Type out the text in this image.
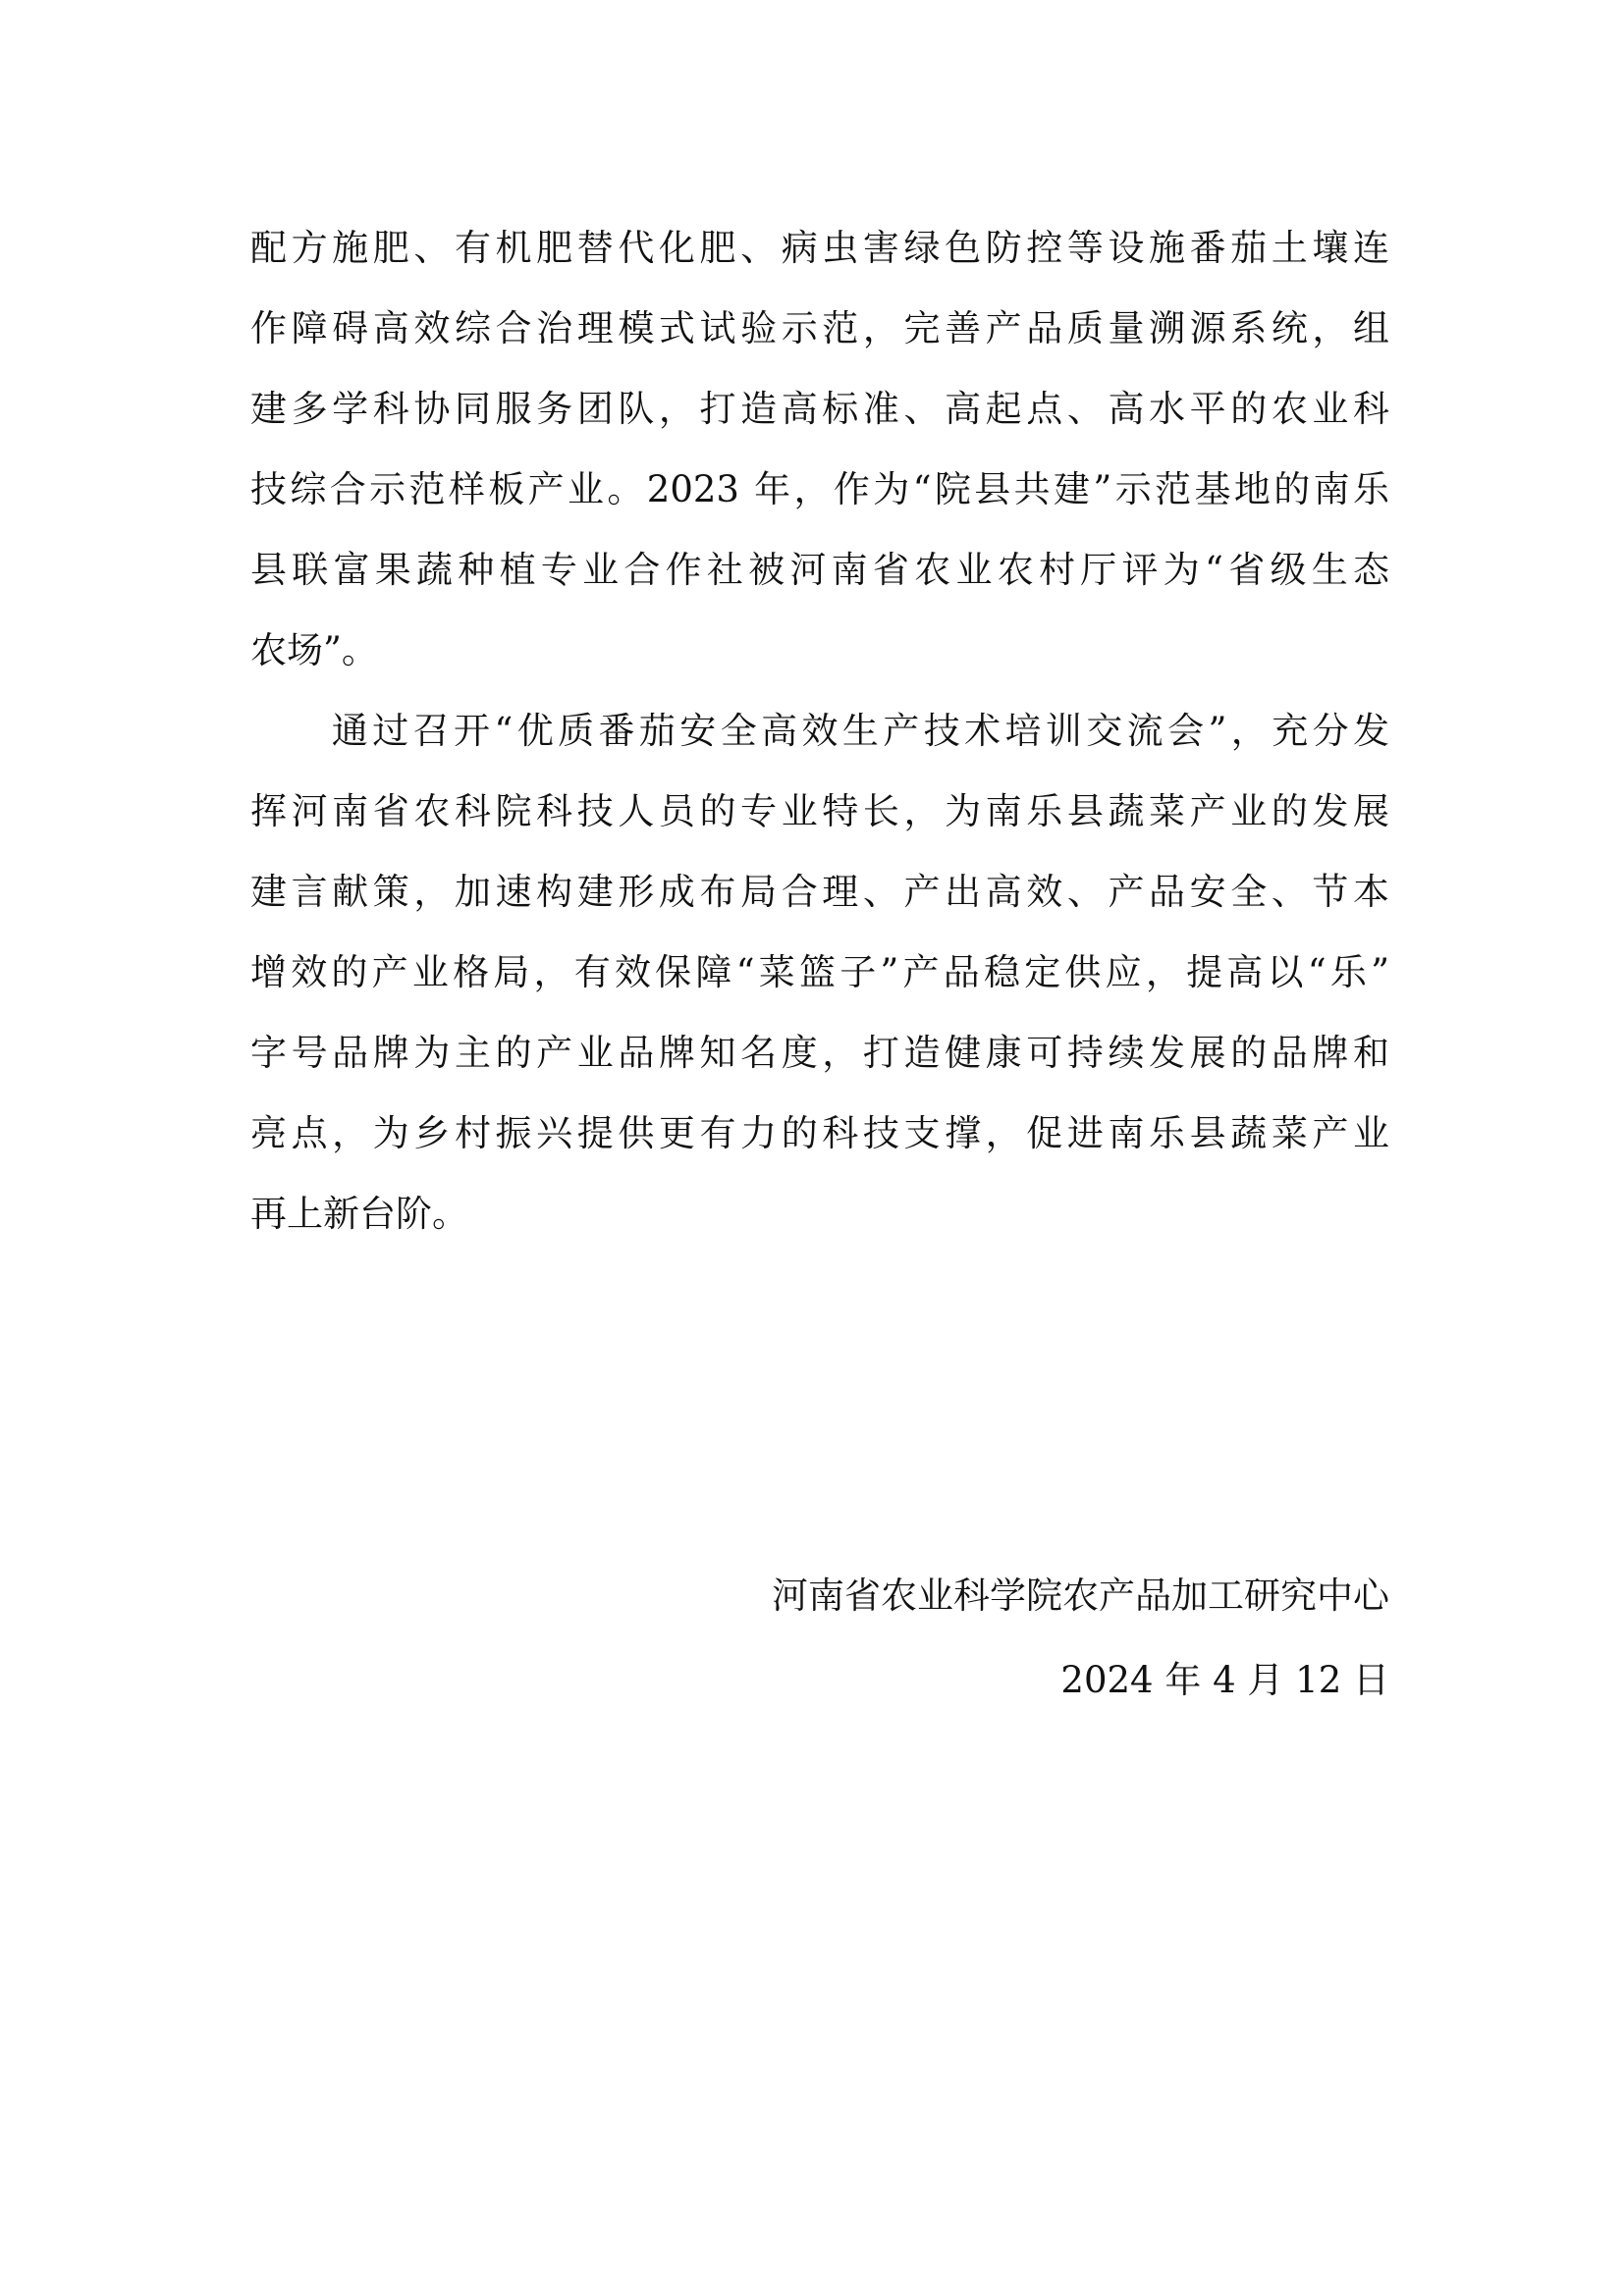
配方施肥、有机肥替代化肥、病虫害绿色防控等设施番茄土壤连
作障碍高效综合治理模式试验示范，完善产品质量溯源系统，组
建多学科协同服务团队，打造高标准、高起点、高水平的农业科
技综合示范样板产业。2023 年，作为“院县共建”示范基地的南乐
县联富果蔬种植专业合作社被河南省农业农村厅评为“省级生态
农场”。
　　通过召开“优质番茄安全高效生产技术培训交流会”，充分发
挥河南省农科院科技人员的专业特长，为南乐县蔬菜产业的发展
建言献策，加速构建形成布局合理、产出高效、产品安全、节本
增效的产业格局，有效保障“菜篮子”产品稳定供应，提高以“乐”
字号品牌为主的产业品牌知名度，打造健康可持续发展的品牌和
亮点，为乡村振兴提供更有力的科技支撑，促进南乐县蔬菜产业
再上新台阶。
河南省农业科学院农产品加工研究中心
2024 年 4 月 12 日
